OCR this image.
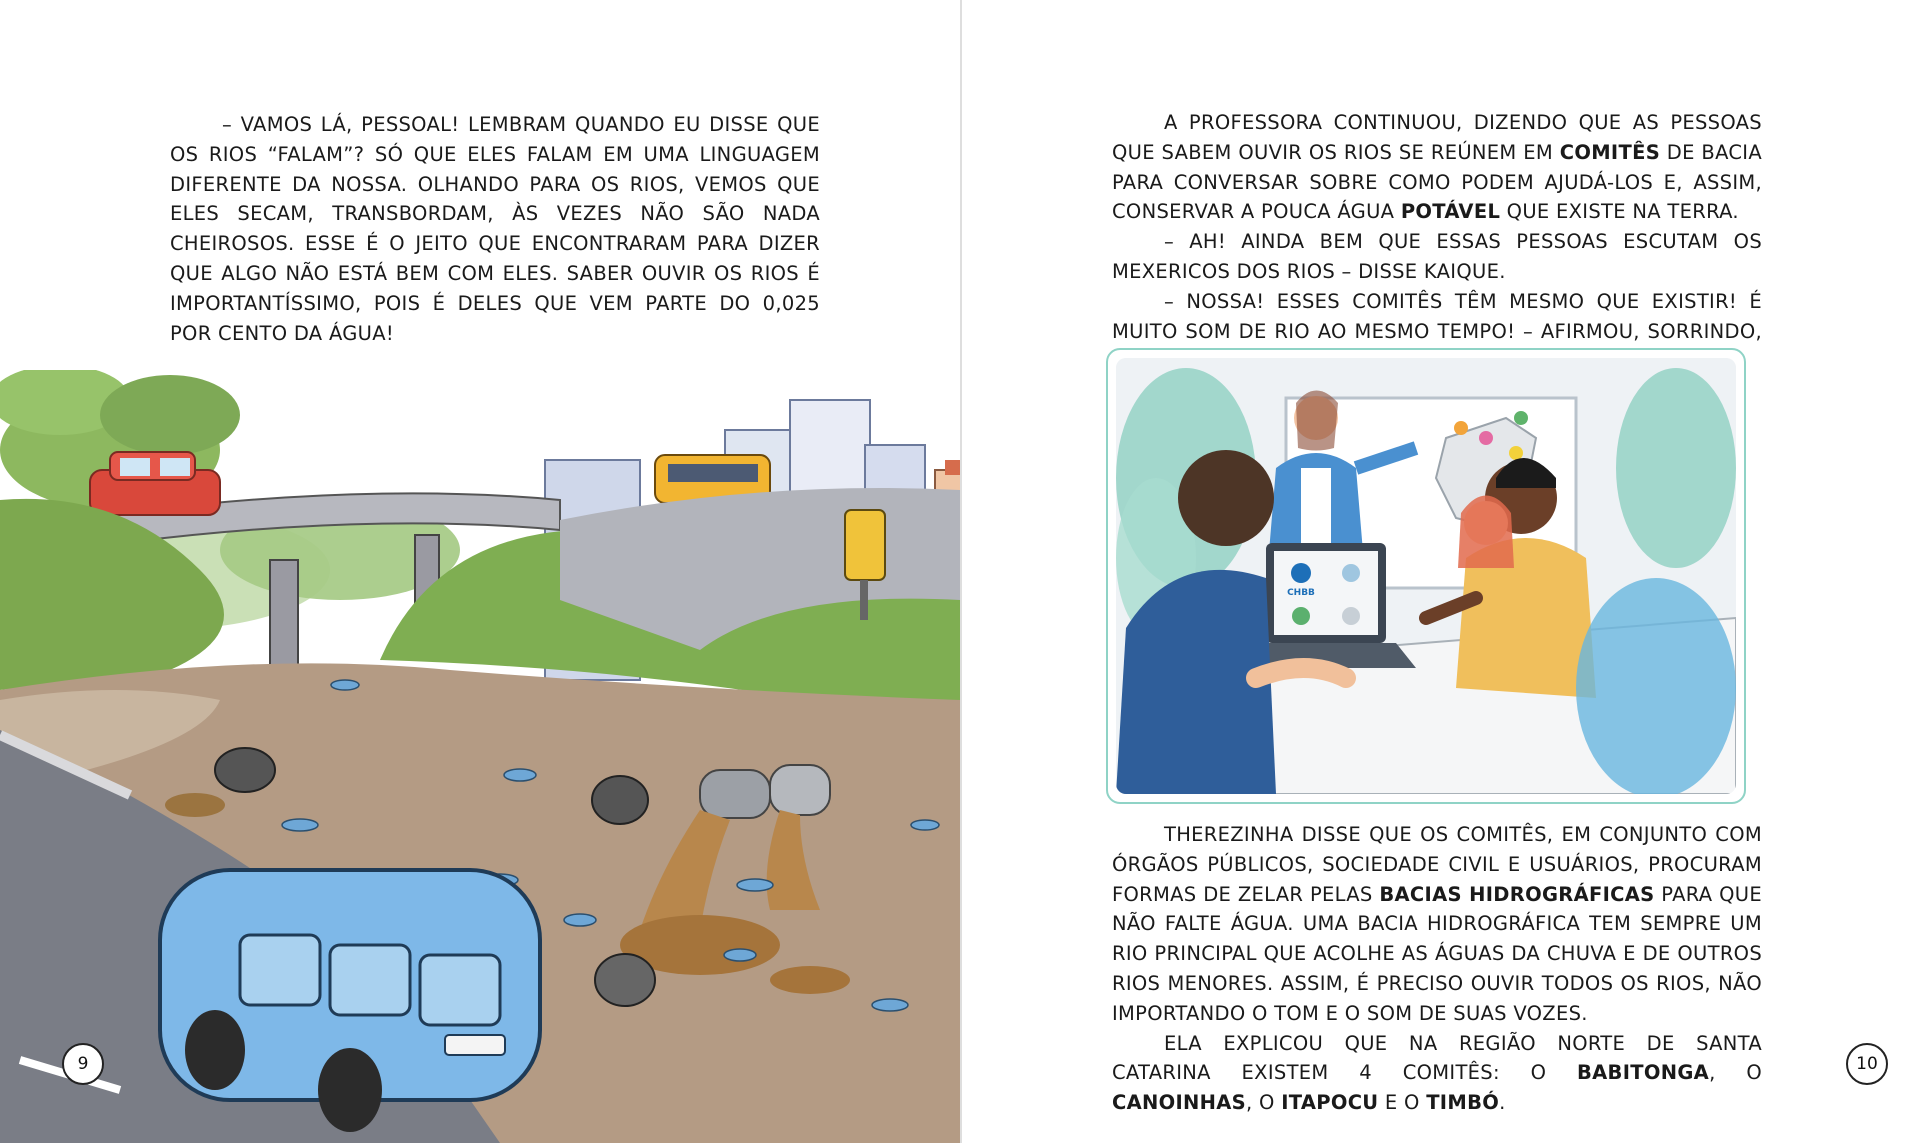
– VAMOS LÁ, PESSOAL! LEMBRAM QUANDO EU DISSE QUE OS RIOS “FALAM”? SÓ QUE ELES FALAM EM UMA LINGUAGEM DIFERENTE DA NOSSA. OLHANDO PARA OS RIOS, VEMOS QUE ELES SECAM, TRANSBORDAM, ÀS VEZES NÃO SÃO NADA CHEIROSOS. ESSE É O JEITO QUE ENCONTRARAM PARA DIZER QUE ALGO NÃO ESTÁ BEM COM ELES. SABER OUVIR OS RIOS É IMPORTANTÍSSIMO, POIS É DELES QUE VEM PARTE DO 0,025 POR CENTO DA ÁGUA!

9

A PROFESSORA CONTINUOU, DIZENDO QUE AS PESSOAS QUE SABEM OUVIR OS RIOS SE REÚNEM EM COMITÊS DE BACIA PARA CONVERSAR SOBRE COMO PODEM AJUDÁ-LOS E, ASSIM, CONSERVAR A POUCA ÁGUA POTÁVEL QUE EXISTE NA TERRA.

– AH! AINDA BEM QUE ESSAS PESSOAS ESCUTAM OS MEXERICOS DOS RIOS – DISSE KAIQUE.

– NOSSA! ESSES COMITÊS TÊM MESMO QUE EXISTIR! É MUITO SOM DE RIO AO MESMO TEMPO! – AFIRMOU, SORRINDO,

CHBB

THEREZINHA DISSE QUE OS COMITÊS, EM CONJUNTO COM ÓRGÃOS PÚBLICOS, SOCIEDADE CIVIL E USUÁRIOS, PROCURAM FORMAS DE ZELAR PELAS BACIAS HIDROGRÁFICAS PARA QUE NÃO FALTE ÁGUA. UMA BACIA HIDROGRÁFICA TEM SEMPRE UM RIO PRINCIPAL QUE ACOLHE AS ÁGUAS DA CHUVA E DE OUTROS RIOS MENORES. ASSIM, É PRECISO OUVIR TODOS OS RIOS, NÃO IMPORTANDO O TOM E O SOM DE SUAS VOZES.

ELA EXPLICOU QUE NA REGIÃO NORTE DE SANTA CATARINA EXISTEM 4 COMITÊS: O BABITONGA, O CANOINHAS, O ITAPOCU E O TIMBÓ.

10
